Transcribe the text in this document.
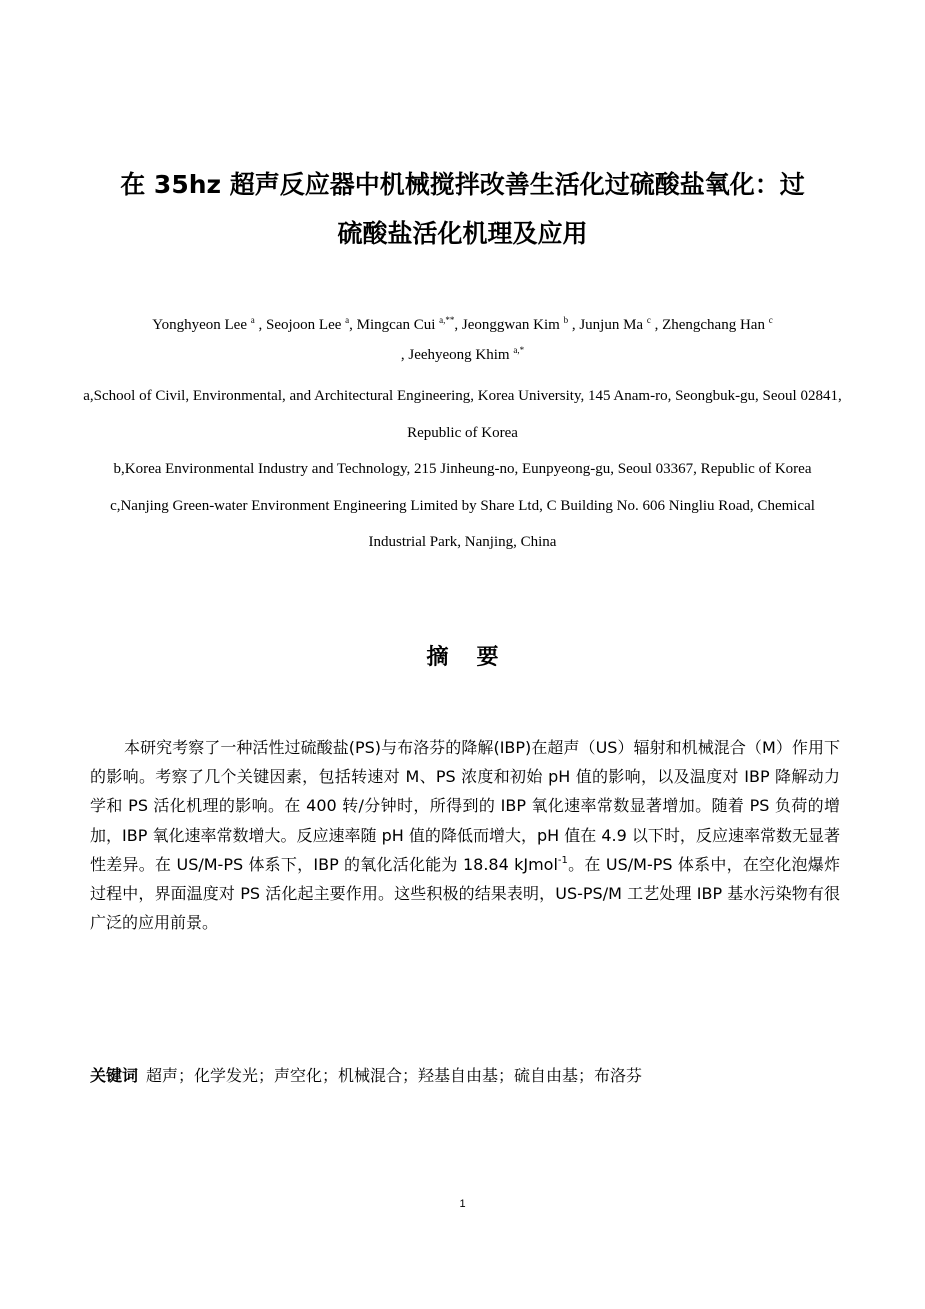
在 35hz 超声反应器中机械搅拌改善生活化过硫酸盐氧化：过
硫酸盐活化机理及应用
Yonghyeon Lee $^a$ , Seojoon Lee $^a$, Mingcan Cui $^{a,**}$, Jeonggwan Kim $^b$ , Junjun Ma $^c$ , Zhengchang Han $^c$
, Jeehyeong Khim $^{a,*}$

a,School of Civil, Environmental, and Architectural Engineering, Korea University, 145 Anam-ro, Seongbuk-gu, Seoul 02841, Republic of Korea

b,Korea Environmental Industry and Technology, 215 Jinheung-no, Eunpyeong-gu, Seoul 03367, Republic of Korea

c,Nanjing Green-water Environment Engineering Limited by Share Ltd, C Building No. 606 Ningliu Road, Chemical Industrial Park, Nanjing, China

摘要

本研究考察了一种活性过硫酸盐(PS)与布洛芬的降解(IBP)在超声（US）辐射和机械混合（M）作用下的影响。考察了几个关键因素，包括转速对 M、PS 浓度和初始 pH 值的影响，以及温度对 IBP 降解动力学和 PS 活化机理的影响。在 400 转/分钟时，所得到的 IBP 氧化速率常数显著增加。随着 PS 负荷的增加，IBP 氧化速率常数增大。反应速率随 pH 值的降低而增大，pH 值在 4.9 以下时，反应速率常数无显著性差异。在 US/M-PS 体系下，IBP 的氧化活化能为 18.84 kJmol$^{-1}$。在 US/M-PS 体系中，在空化泡爆炸过程中，界面温度对 PS 活化起主要作用。这些积极的结果表明，US-PS/M 工艺处理 IBP 基水污染物有很广泛的应用前景。

关键词 超声；化学发光；声空化；机械混合；羟基自由基；硫自由基；布洛芬
1
